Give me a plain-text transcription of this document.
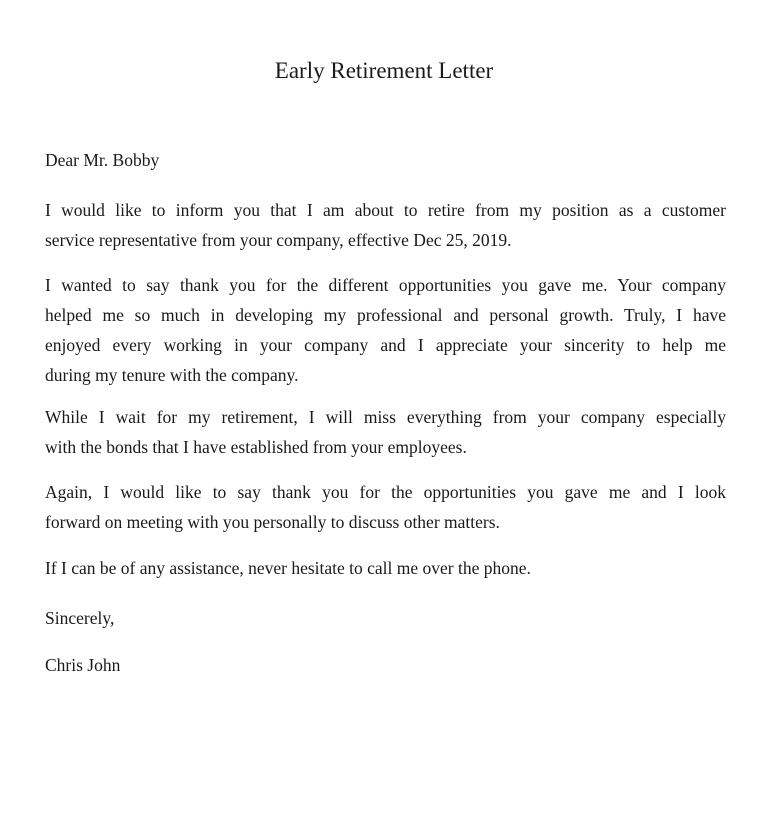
Early Retirement Letter
Dear Mr. Bobby
I would like to inform you that I am about to retire from my position as a customer
service representative from your company, effective Dec 25, 2019.
I wanted to say thank you for the different opportunities you gave me. Your company
helped me so much in developing my professional and personal growth. Truly, I have
enjoyed every working in your company and I appreciate your sincerity to help me
during my tenure with the company.
While I wait for my retirement, I will miss everything from your company especially
with the bonds that I have established from your employees.
Again, I would like to say thank you for the opportunities you gave me and I look
forward on meeting with you personally to discuss other matters.
If I can be of any assistance, never hesitate to call me over the phone.
Sincerely,
Chris John
